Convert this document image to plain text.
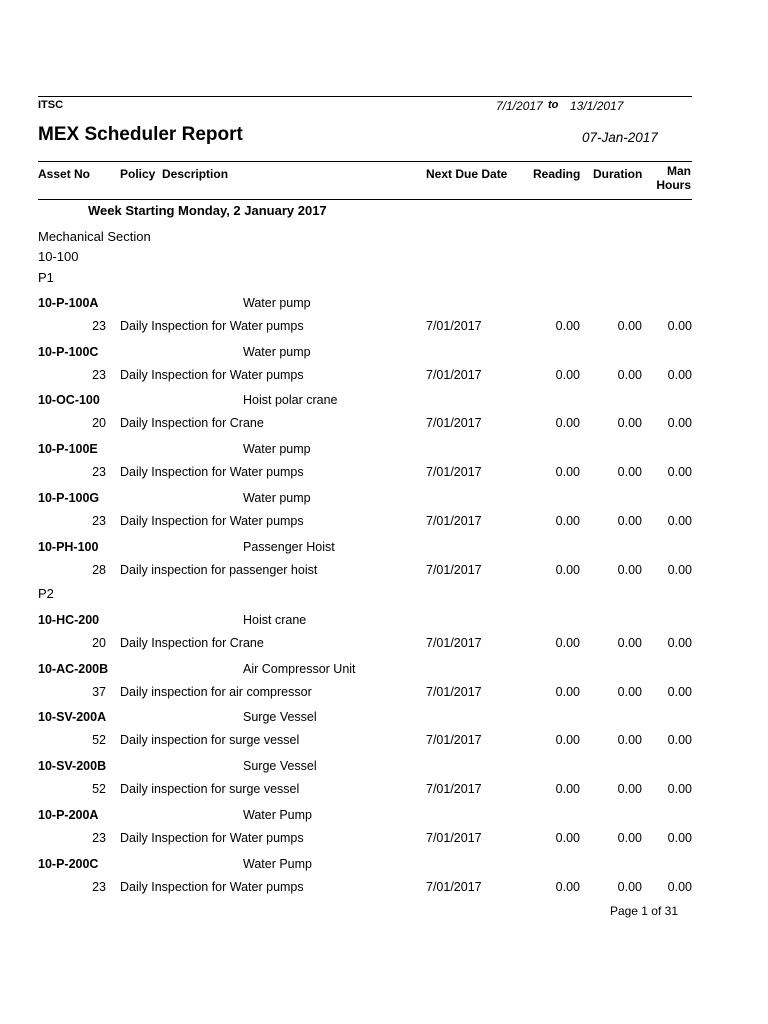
ITSC	7/1/2017 to 13/1/2017
MEX Scheduler Report	07-Jan-2017
Asset No Policy  Description	Next Due Date Reading Duration	Man
Hours
Week Starting Monday, 2 January 2017
Mechanical Section
10-100
P1
P2
10-P-100A	Water pump
23 Daily Inspection for Water pumps	7/01/2017	0.00	0.00 0.00
10-P-100C	Water pump
23 Daily Inspection for Water pumps	7/01/2017	0.00	0.00 0.00
10-OC-100	Hoist polar crane
20 Daily Inspection for Crane	7/01/2017	0.00	0.00 0.00
10-P-100E	Water pump
23 Daily Inspection for Water pumps	7/01/2017	0.00	0.00 0.00
10-P-100G	Water pump
23 Daily Inspection for Water pumps	7/01/2017	0.00	0.00 0.00
10-PH-100	Passenger Hoist
28 Daily inspection for passenger hoist	7/01/2017	0.00	0.00 0.00
10-HC-200	Hoist crane
20 Daily Inspection for Crane	7/01/2017	0.00	0.00 0.00
10-AC-200B	Air Compressor Unit
37 Daily inspection for air compressor	7/01/2017	0.00	0.00 0.00
10-SV-200A	Surge Vessel
52 Daily inspection for surge vessel	7/01/2017	0.00	0.00 0.00
10-SV-200B	Surge Vessel
52 Daily inspection for surge vessel	7/01/2017	0.00	0.00 0.00
10-P-200A	Water Pump
23 Daily Inspection for Water pumps	7/01/2017	0.00	0.00 0.00
10-P-200C	Water Pump
23 Daily Inspection for Water pumps	7/01/2017	0.00	0.00 0.00
Page 1 of 31
